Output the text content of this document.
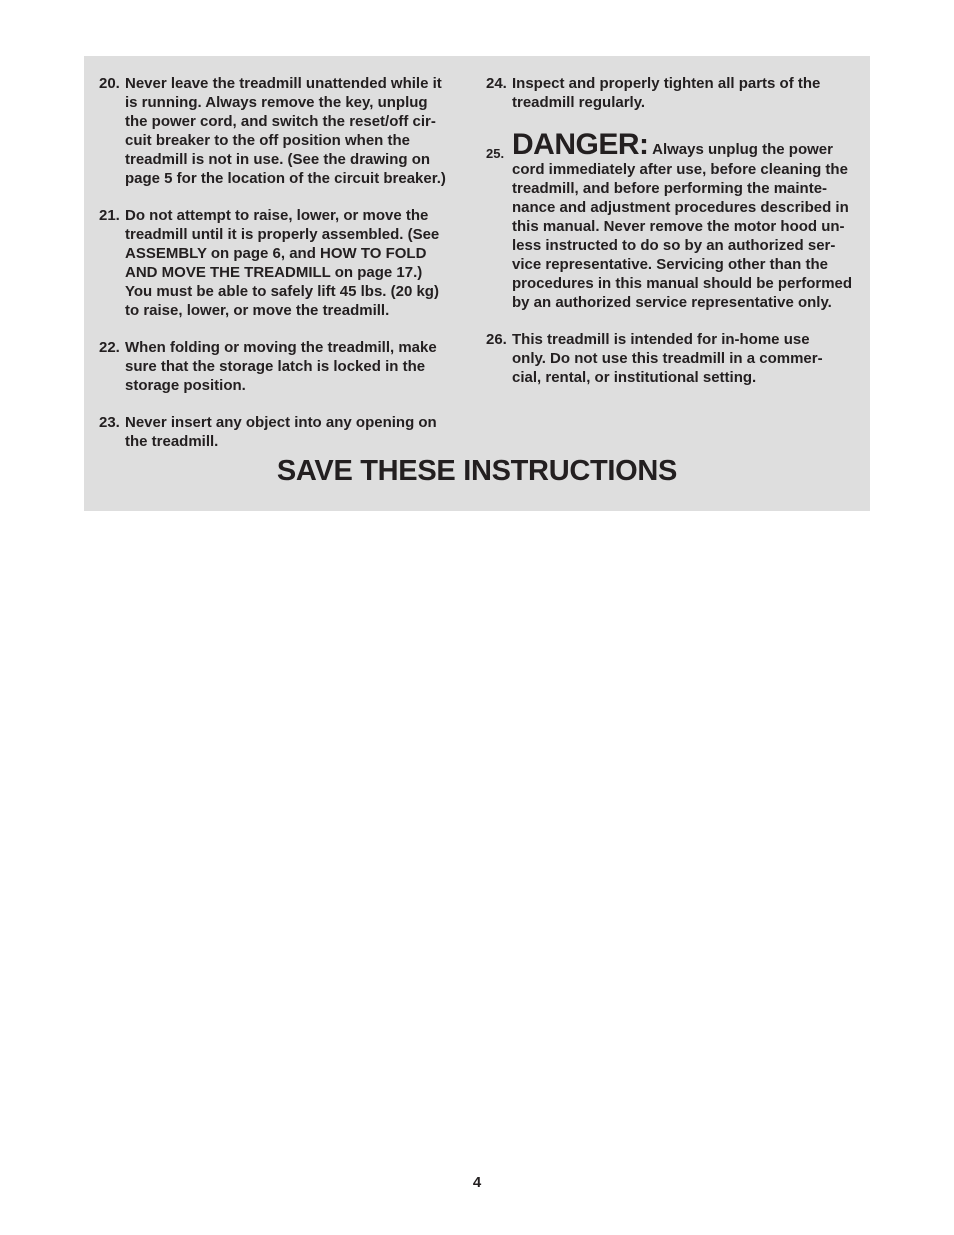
20. Never leave the treadmill unattended while it
is running. Always remove the key, unplug
the power cord, and switch the reset/off cir-
cuit breaker to the off position when the
treadmill is not in use. (See the drawing on
page 5 for the location of the circuit breaker.)
21. Do not attempt to raise, lower, or move the
treadmill until it is properly assembled. (See
ASSEMBLY on page 6, and HOW TO FOLD
AND MOVE THE TREADMILL on page 17.)
You must be able to safely lift 45 lbs. (20 kg)
to raise, lower, or move the treadmill.
22. When folding or moving the treadmill, make
sure that the storage latch is locked in the
storage position.
23. Never insert any object into any opening on
the treadmill.
24. Inspect and properly tighten all parts of the
treadmill regularly.
25. DANGER: Always unplug the power
cord immediately after use, before cleaning the
treadmill, and before performing the mainte-
nance and adjustment procedures described in
this manual. Never remove the motor hood un-
less instructed to do so by an authorized ser-
vice representative. Servicing other than the
procedures in this manual should be performed
by an authorized service representative only.
26. This treadmill is intended for in-home use
only. Do not use this treadmill in a commer-
cial, rental, or institutional setting.
SAVE THESE INSTRUCTIONS
4
